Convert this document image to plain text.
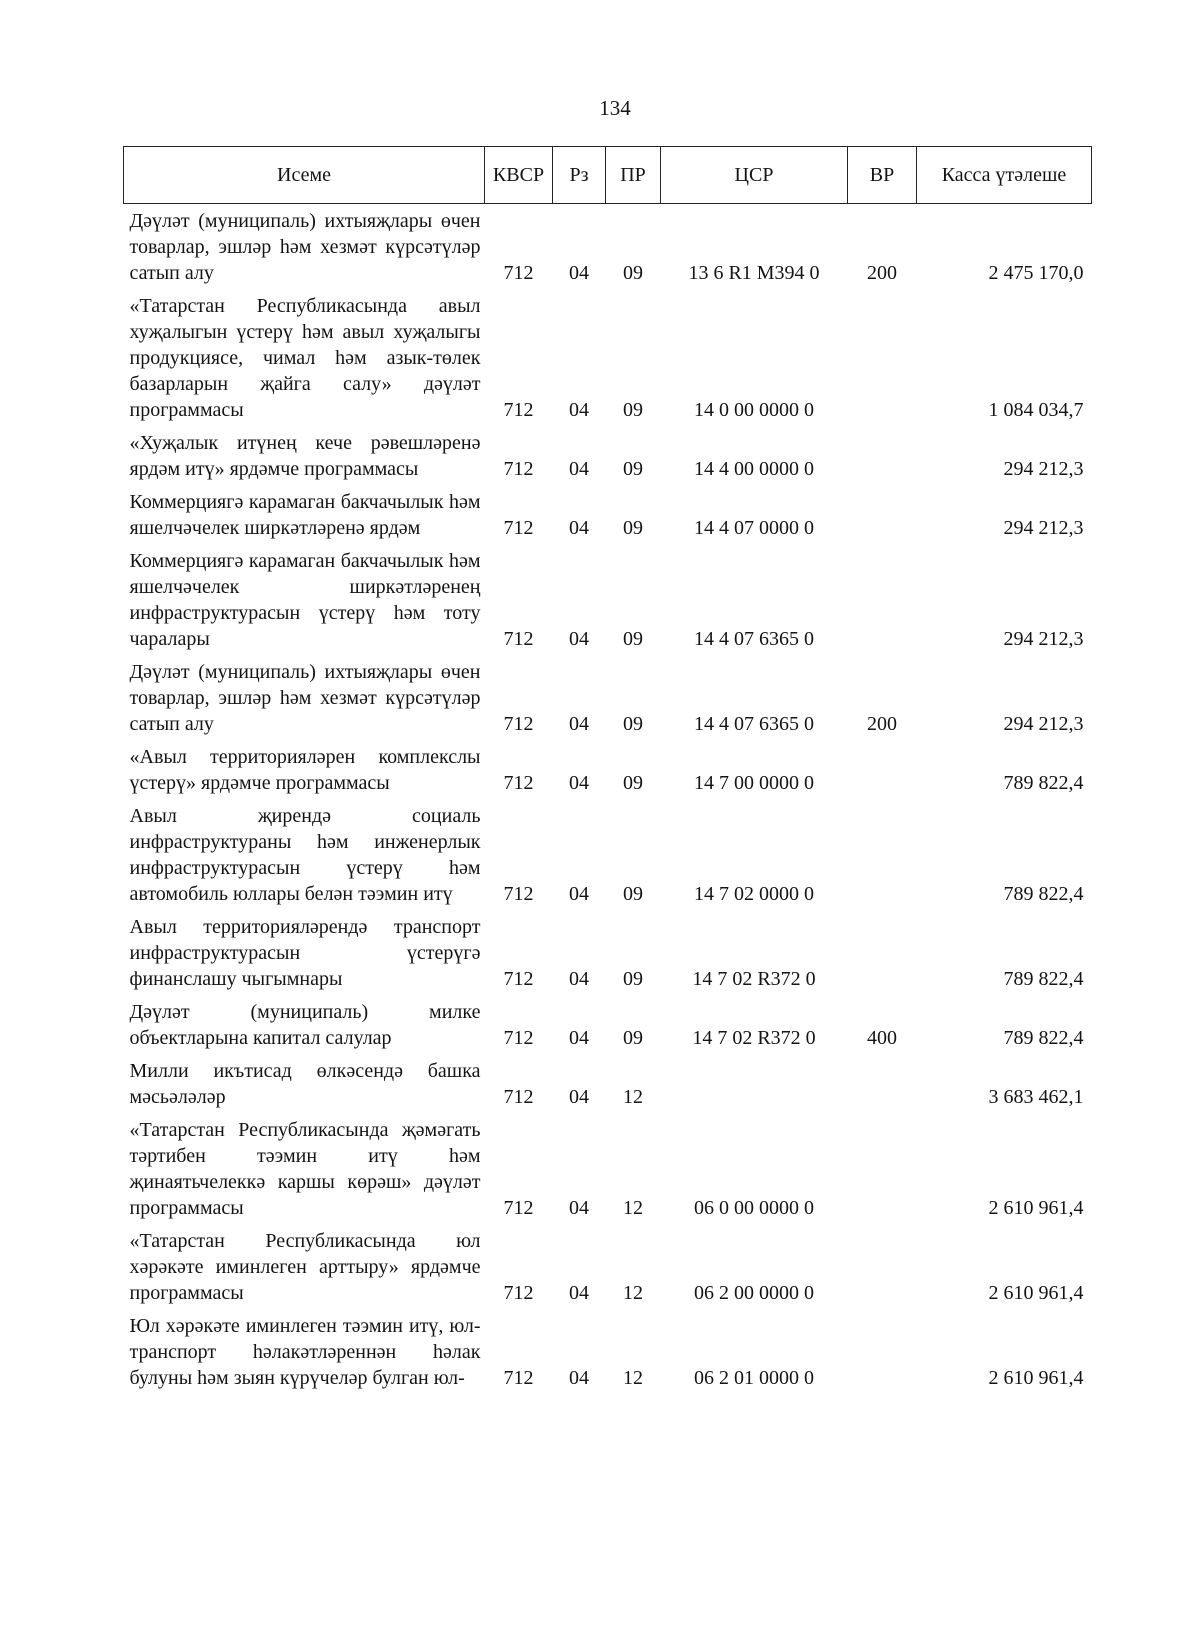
134
Исеме	КВСР	Рз	ПР	ЦСР	ВР	Касса үтәлеше
Дәүләт (муниципаль) ихтыяҗлары өчен товарлар, эшләр һәм хезмәт күрсәтүләр сатып алу	712	04	09	13 6 R1 M394 0	200	2 475 170,0
«Татарстан Республикасында авыл хуҗалыгын үстерү һәм авыл хуҗалыгы продукциясе, чимал һәм азык-төлек базарларын җайга салу» дәүләт программасы	712	04	09	14 0 00 0000 0		1 084 034,7
«Хуҗалык итүнең кече рәвешләренә ярдәм итү» ярдәмче программасы	712	04	09	14 4 00 0000 0		294 212,3
Коммерциягә карамаган бакчачылык һәм яшелчәчелек ширкәтләренә ярдәм	712	04	09	14 4 07 0000 0		294 212,3
Коммерциягә карамаган бакчачылык һәм яшелчәчелек ширкәтләренең инфраструктурасын үстерү һәм тоту чаралары	712	04	09	14 4 07 6365 0		294 212,3
Дәүләт (муниципаль) ихтыяҗлары өчен товарлар, эшләр һәм хезмәт күрсәтүләр сатып алу	712	04	09	14 4 07 6365 0	200	294 212,3
«Авыл территорияләрен комплекслы үстерү» ярдәмче программасы	712	04	09	14 7 00 0000 0		789 822,4
Авыл җирендә социаль инфраструктураны һәм инженерлык инфраструктурасын үстерү һәм автомобиль юллары белән тәэмин итү	712	04	09	14 7 02 0000 0		789 822,4
Авыл территорияләрендә транспорт инфраструктурасын үстерүгә финанслашу чыгымнары	712	04	09	14 7 02 R372 0		789 822,4
Дәүләт (муниципаль) милке объектларына капитал салулар	712	04	09	14 7 02 R372 0	400	789 822,4
Милли икътисад өлкәсендә башка мәсьәләләр	712	04	12			3 683 462,1
«Татарстан Республикасында җәмәгать тәртибен тәэмин итү һәм җинаятьчелеккә каршы көрәш» дәүләт программасы	712	04	12	06 0 00 0000 0		2 610 961,4
«Татарстан Республикасында юл хәрәкәте иминлеген арттыру» ярдәмче программасы	712	04	12	06 2 00 0000 0		2 610 961,4
Юл хәрәкәте иминлеген тәэмин итү, юл-транспорт һәлакәтләреннән һәлак булуны һәм зыян күрүчеләр булган юл-	712	04	12	06 2 01 0000 0		2 610 961,4
